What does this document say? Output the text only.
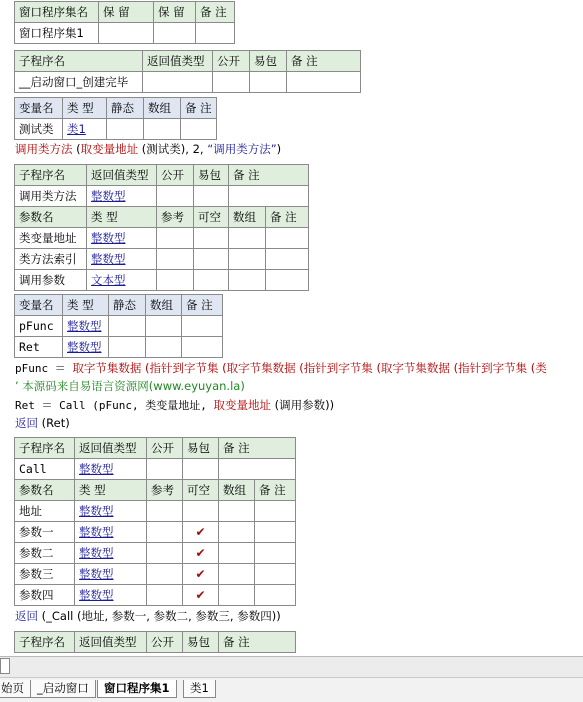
窗口程序集名	保 留	保 留	备 注
窗口程序集1			
子程序名	返回值类型	公开	易包	备 注
__启动窗口_创建完毕				
变量名	类 型	静态	数组	备 注
测试类	类1			
调用类方法 (取变量地址 (测试类), 2, “调用类方法”)
子程序名	返回值类型	公开	易包	备 注	
调用类方法	整数型				
参数名	类 型	参考	可空	数组	备 注
类变量地址	整数型				
类方法索引	整数型				
调用参数	文本型				
变量名	类 型	静态	数组	备 注
pFunc	整数型			
Ret	整数型			
pFunc ＝ 取字节集数据 (指针到字节集 (取字节集数据 (指针到字节集 (取字节集数据 (指针到字节集 (类
’ 本源码来自易语言资源网(www.eyuyan.la)
Ret ＝ Call (pFunc, 类变量地址, 取变量地址 (调用参数))
返回 (Ret)
子程序名	返回值类型	公开	易包	备 注	
Call	整数型				
参数名	类 型	参考	可空	数组	备 注
地址	整数型				
参数一	整数型		✔		
参数二	整数型		✔		
参数三	整数型		✔		
参数四	整数型		✔		
返回 (_Call (地址, 参数一, 参数二, 参数三, 参数四))
子程序名	返回值类型	公开	易包	备 注
始页	_启动窗口	窗口程序集1	类1
